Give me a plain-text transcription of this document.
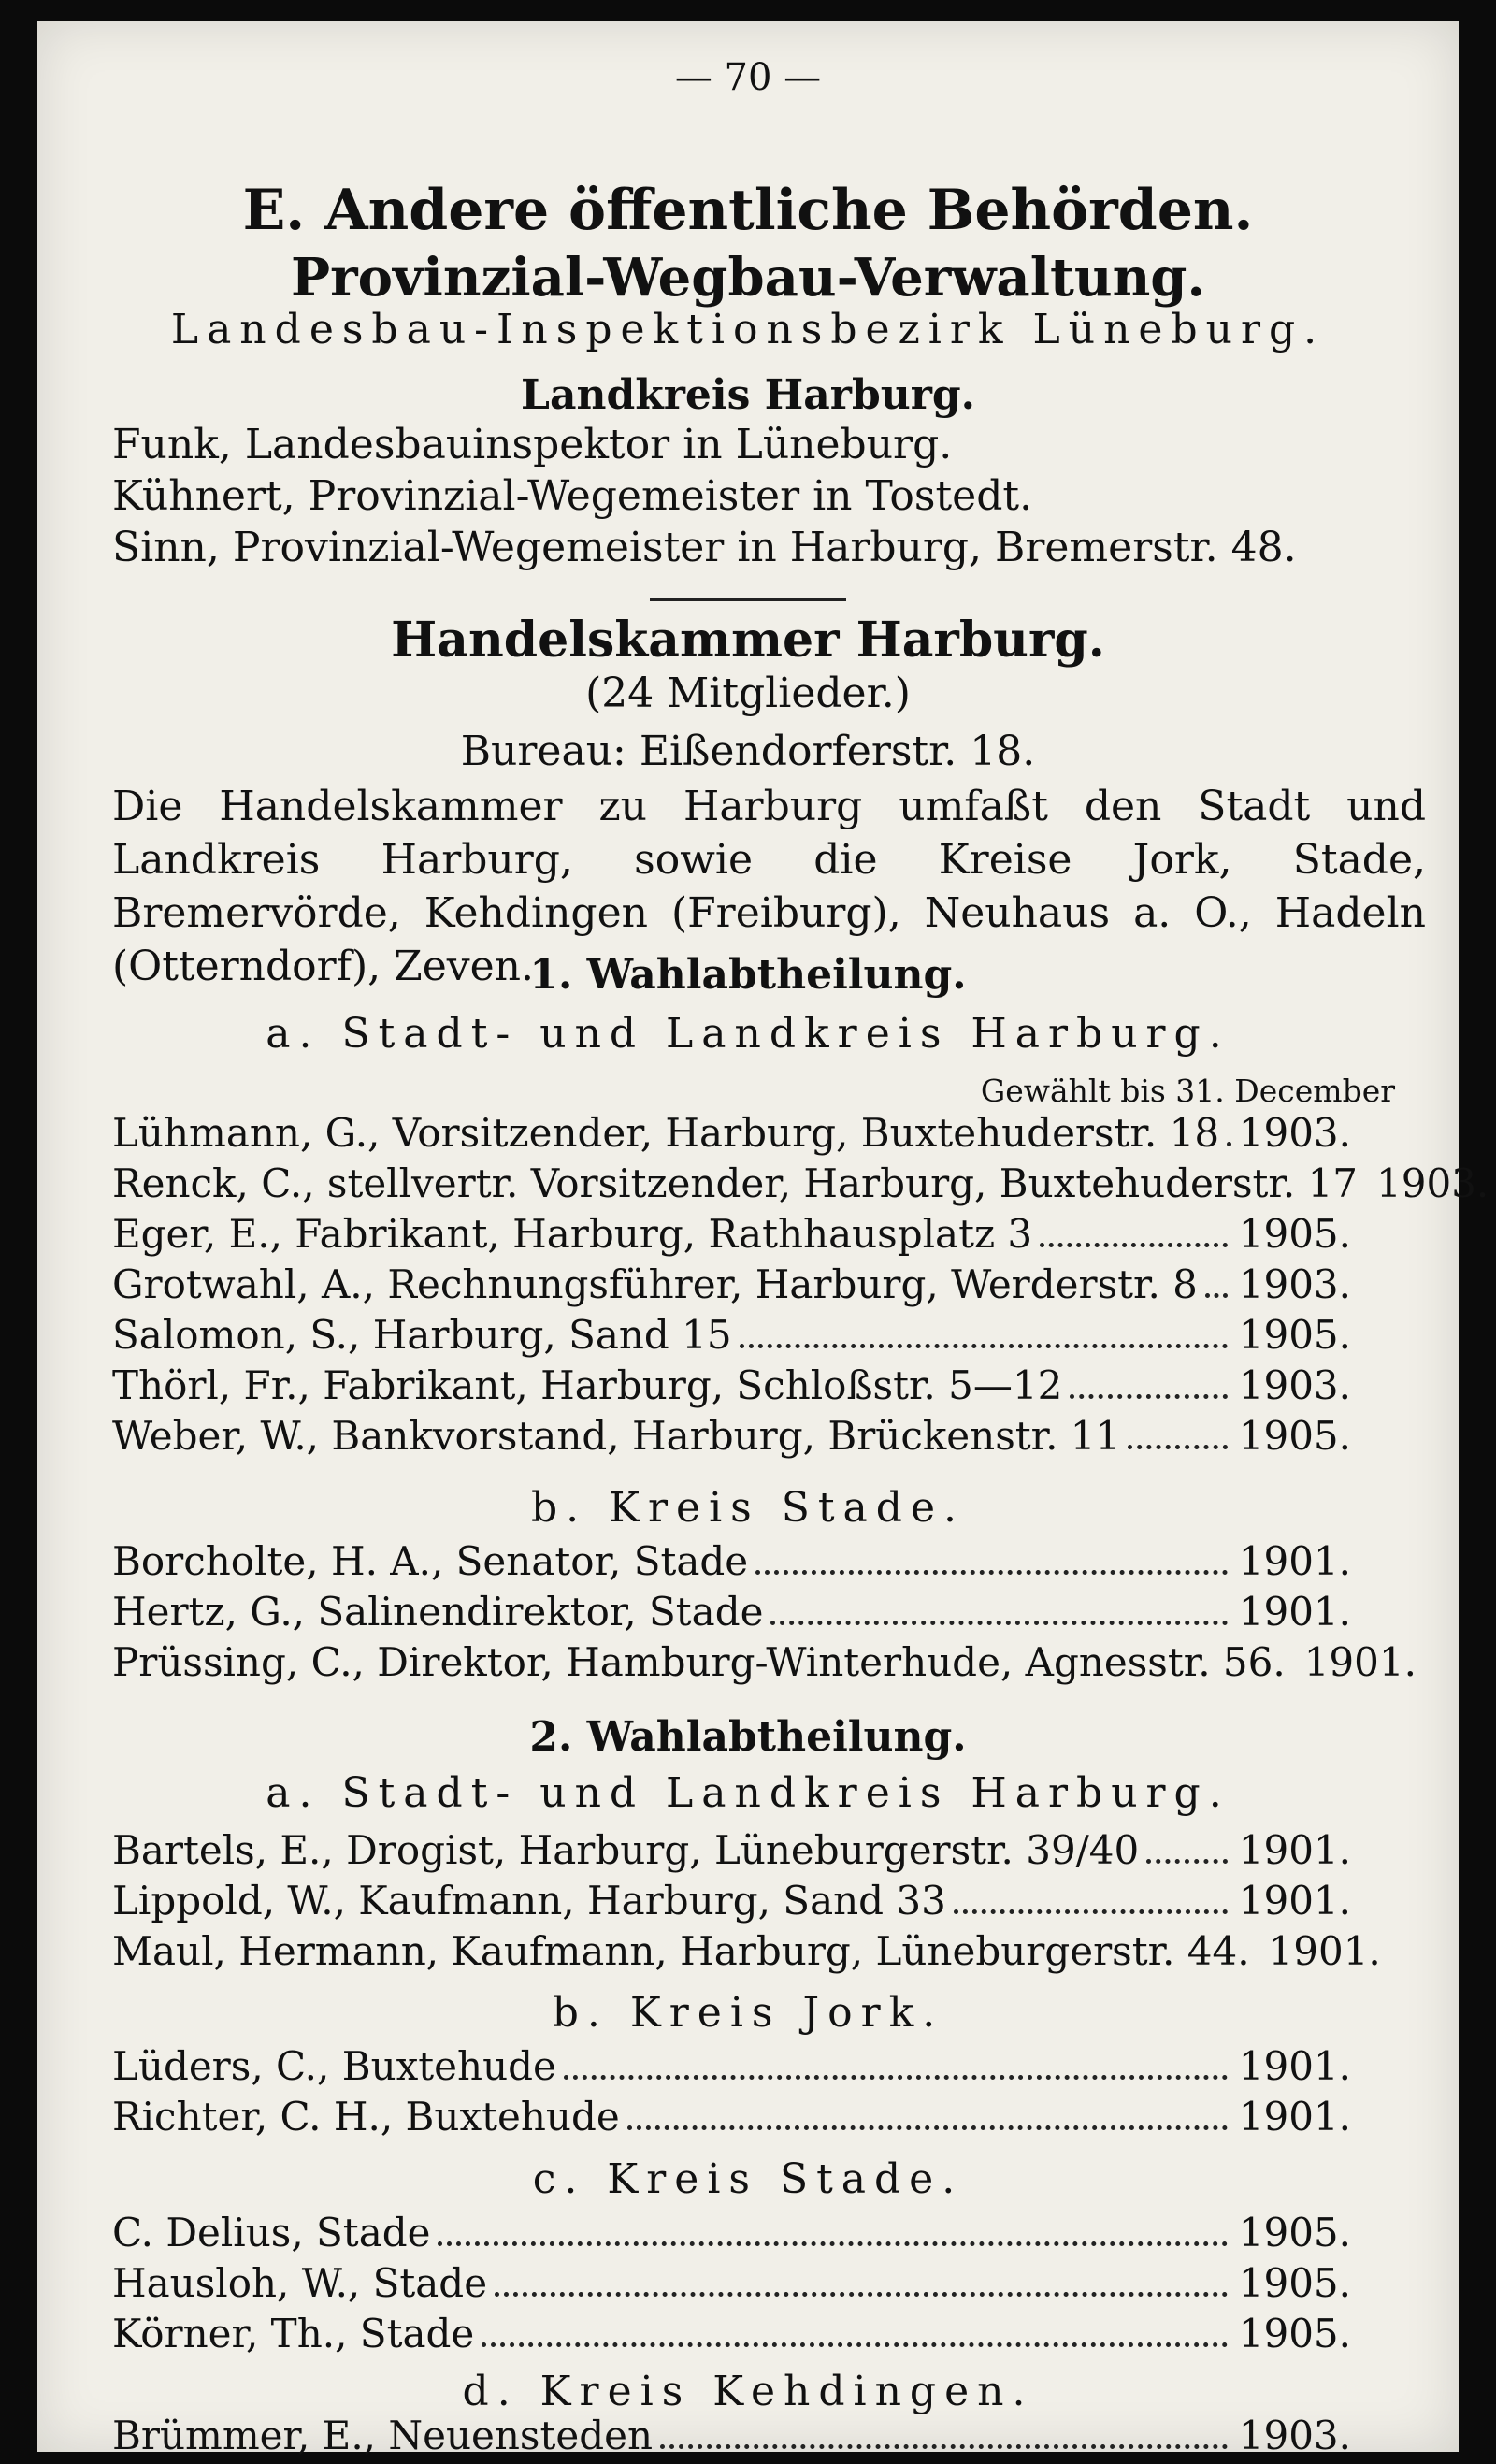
— 70 —
E. Andere öffentliche Behörden.
Provinzial-Wegbau-Verwaltung.
Landesbau-Inspektionsbezirk Lüneburg.
Landkreis Harburg.
Funk, Landesbauinspektor in Lüneburg.
Kühnert, Provinzial-Wegemeister in Tostedt.
Sinn, Provinzial-Wegemeister in Harburg, Bremerstr. 48.
Handelskammer Harburg.
(24 Mitglieder.)
Bureau: Eißendorferstr. 18.
Die Handelskammer zu Harburg umfaßt den Stadt und Landkreis Harburg, sowie die Kreise Jork, Stade, Bremervörde, Kehdingen (Freiburg), Neuhaus a. O., Hadeln (Otterndorf), Zeven.
1. Wahlabtheilung.
a. Stadt- und Landkreis Harburg.
Gewählt bis 31. December
Lühmann, G., Vorsitzender, Harburg, Buxtehuderstr. 18 1903.
Renck, C., stellvertr. Vorsitzender, Harburg, Buxtehuderstr. 17 1903.
Eger, E., Fabrikant, Harburg, Rathhausplatz 3	1905.
Grotwahl, A., Rechnungsführer, Harburg, Werderstr. 8 1903.
Salomon, S., Harburg, Sand 15	1905.
Thörl, Fr., Fabrikant, Harburg, Schloßstr. 5—12	1903.
Weber, W., Bankvorstand, Harburg, Brückenstr. 11	1905.
b. Kreis Stade.
Borcholte, H. A., Senator, Stade	1901.
Hertz, G., Salinendirektor, Stade	1901.
Prüssing, C., Direktor, Hamburg-Winterhude, Agnesstr. 56. 1901.
2. Wahlabtheilung.
a. Stadt- und Landkreis Harburg.
Bartels, E., Drogist, Harburg, Lüneburgerstr. 39/40	1901.
Lippold, W., Kaufmann, Harburg, Sand 33	1901.
Maul, Hermann, Kaufmann, Harburg, Lüneburgerstr. 44. 1901.
b. Kreis Jork.
Lüders, C., Buxtehude	1901.
Richter, C. H., Buxtehude	1901.
c. Kreis Stade.
C. Delius, Stade	1905.
Hausloh, W., Stade	1905.
Körner, Th., Stade	1905.
d. Kreis Kehdingen.
Brümmer, E., Neuensteden	1903.
